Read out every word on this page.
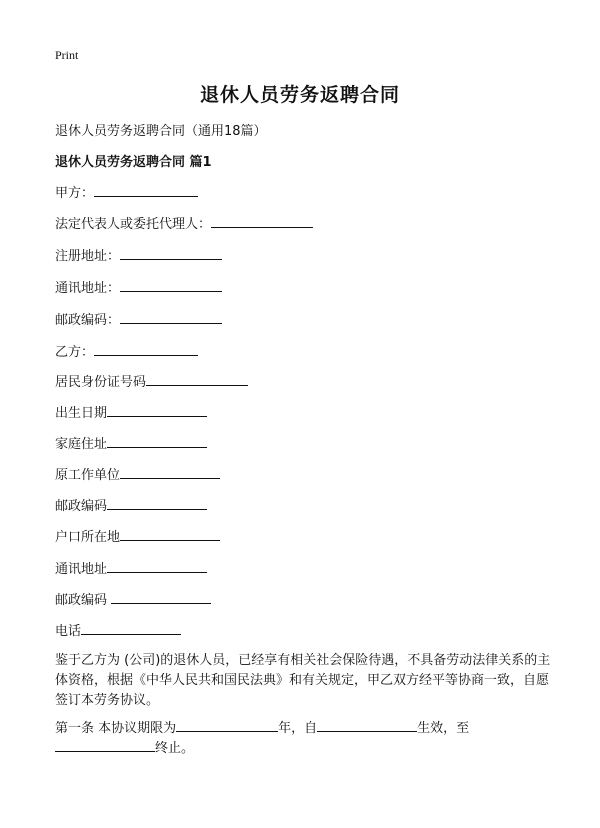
Print
退休人员劳务返聘合同
退休人员劳务返聘合同（通用18篇）
退休人员劳务返聘合同 篇1
甲方：
法定代表人或委托代理人：
注册地址：
通讯地址：
邮政编码：
乙方：
居民身份证号码
出生日期
家庭住址
原工作单位
邮政编码
户口所在地
通讯地址
邮政编码
电话
鉴于乙方为 (公司)的退休人员，已经享有相关社会保险待遇，不具备劳动法律关系的主体资格，根据《中华人民共和国民法典》和有关规定，甲乙双方经平等协商一致，自愿签订本劳务协议。
第一条 本协议期限为	年，自	生效，至
终止。
